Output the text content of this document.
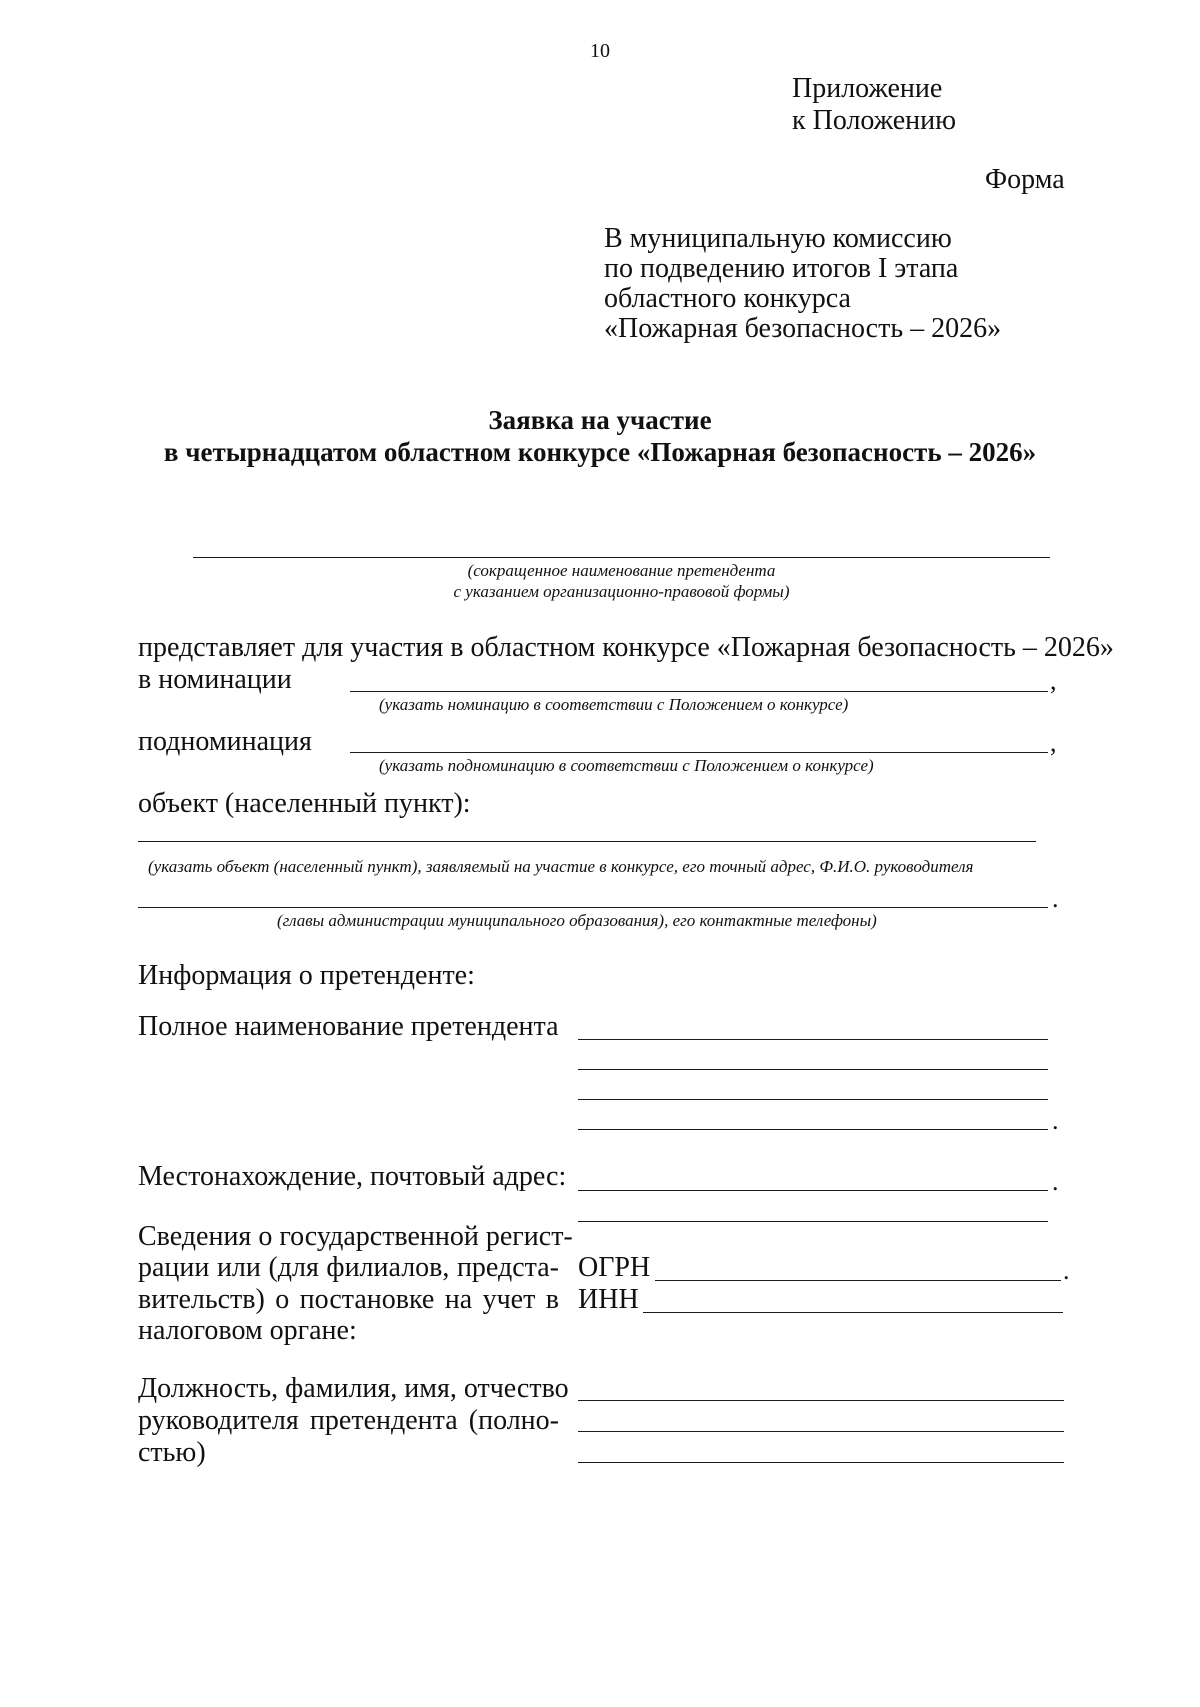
10
Приложение
к Положению
Форма
В муниципальную комиссию
по подведению итогов I этапа
областного конкурса
«Пожарная безопасность – 2026»
Заявка на участие
в четырнадцатом областном конкурсе «Пожарная безопасность – 2026»
(сокращенное наименование претендента
с указанием организационно-правовой формы)
представляет для участия в областном конкурсе «Пожарная безопасность – 2026»
в номинации	,
(указать номинацию в соответствии с Положением о конкурсе)
подноминация	,
(указать подноминацию в соответствии с Положением о конкурсе)
объект (населенный пункт):
(указать объект (населенный пункт), заявляемый на участие в конкурсе, его точный адрес, Ф.И.О. руководителя
.
(главы администрации муниципального образования), его контактные телефоны)
Информация о претенденте:
Полное наименование претендента
.
Местонахождение, почтовый адрес:	.
Сведения о государственной регист-
рации или (для филиалов, предста-
вительств) о постановке на учет в
налоговом органе:
ОГРН	.
ИНН
Должность, фамилия, имя, отчество
руководителя претендента (полно-
стью)
